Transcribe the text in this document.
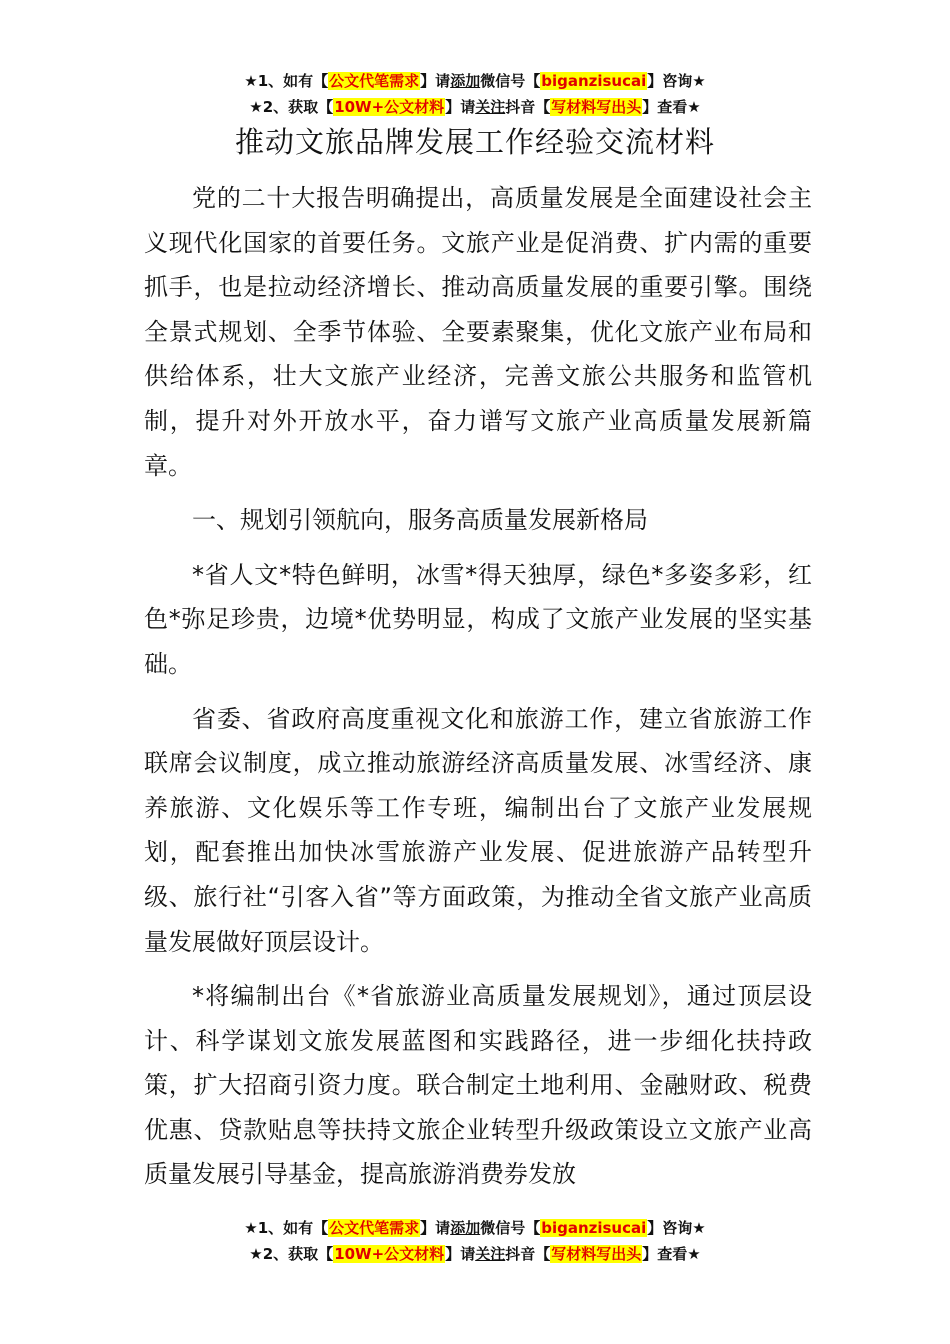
★1、如有【公文代笔需求】请添加微信号【biganzisucai】咨询★
★2、获取【10W+公文材料】请关注抖音【写材料写出头】查看★
推动文旅品牌发展工作经验交流材料

党的二十大报告明确提出，高质量发展是全面建设社会主义现代化国家的首要任务。文旅产业是促消费、扩内需的重要抓手，也是拉动经济增长、推动高质量发展的重要引擎。围绕全景式规划、全季节体验、全要素聚集，优化文旅产业布局和供给体系，壮大文旅产业经济，完善文旅公共服务和监管机制，提升对外开放水平，奋力谱写文旅产业高质量发展新篇章。

一、规划引领航向，服务高质量发展新格局

*省人文*特色鲜明，冰雪*得天独厚，绿色*多姿多彩，红色*弥足珍贵，边境*优势明显，构成了文旅产业发展的坚实基础。

省委、省政府高度重视文化和旅游工作，建立省旅游工作联席会议制度，成立推动旅游经济高质量发展、冰雪经济、康养旅游、文化娱乐等工作专班，编制出台了文旅产业发展规划，配套推出加快冰雪旅游产业发展、促进旅游产品转型升级、旅行社“引客入省”等方面政策，为推动全省文旅产业高质量发展做好顶层设计。

*将编制出台《*省旅游业高质量发展规划》，通过顶层设计、科学谋划文旅发展蓝图和实践路径，进一步细化扶持政策，扩大招商引资力度。联合制定土地利用、金融财政、税费优惠、贷款贴息等扶持文旅企业转型升级政策设立文旅产业高质量发展引导基金，提高旅游消费券发放

★1、如有【公文代笔需求】请添加微信号【biganzisucai】咨询★
★2、获取【10W+公文材料】请关注抖音【写材料写出头】查看★
